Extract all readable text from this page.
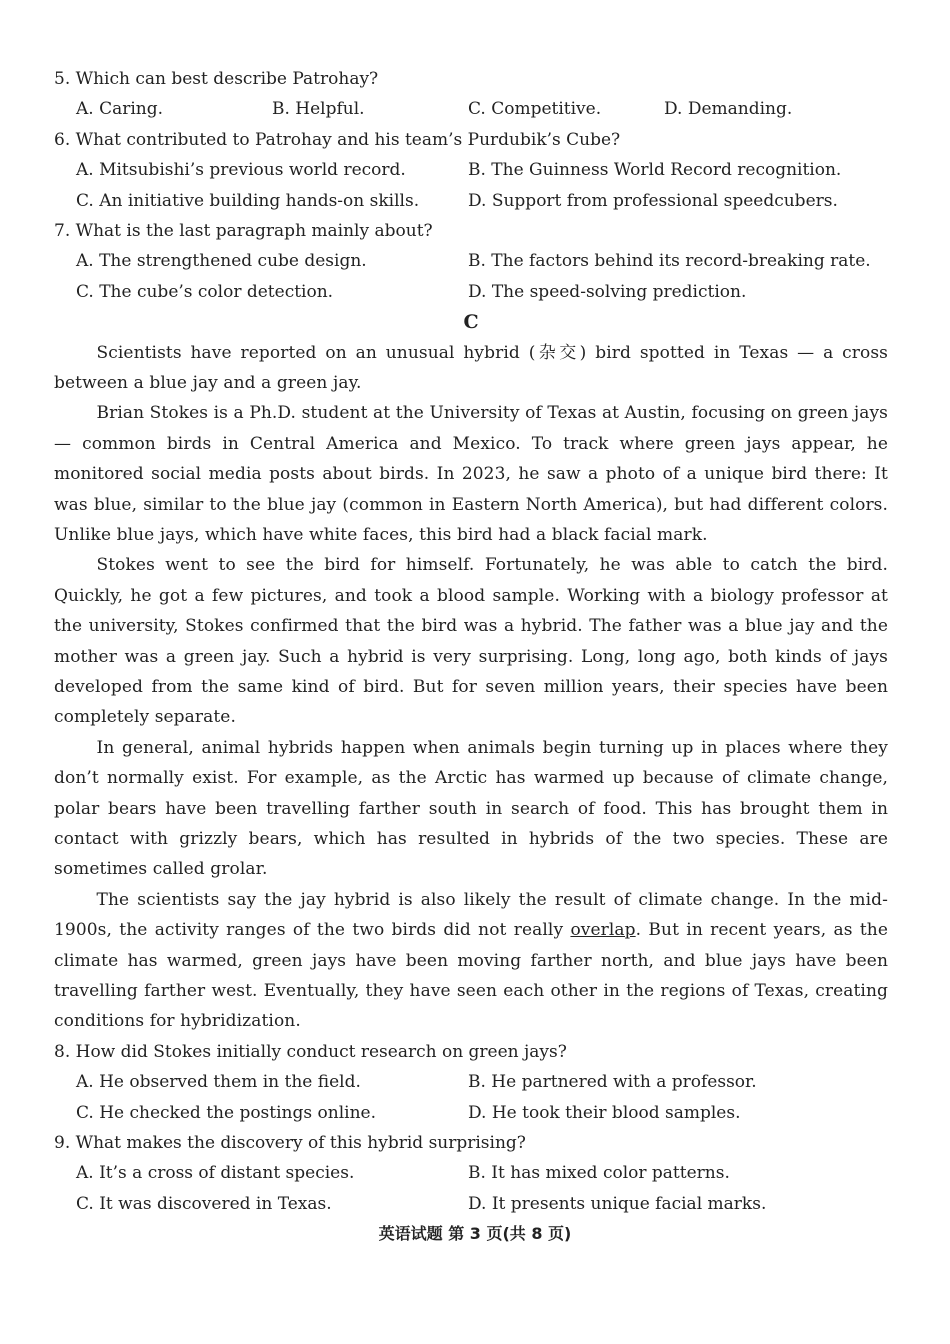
5. Which can best describe Patrohay?
A. Caring.	B. Helpful.	C. Competitive.	D. Demanding.
6. What contributed to Patrohay and his team’s Purdubik’s Cube?
A. Mitsubishi’s previous world record.	B. The Guinness World Record recognition.
C. An initiative building hands-on skills.	D. Support from professional speedcubers.
7. What is the last paragraph mainly about?
A. The strengthened cube design.	B. The factors behind its record-breaking rate.
C. The cube’s color detection.	D. The speed-solving prediction.
C

Scientists have reported on an unusual hybrid (杂交) bird spotted in Texas — a cross between a blue jay and a green jay.

Brian Stokes is a Ph.D. student at the University of Texas at Austin, focusing on green jays — common birds in Central America and Mexico. To track where green jays appear, he monitored social media posts about birds. In 2023, he saw a photo of a unique bird there: It was blue, similar to the blue jay (common in Eastern North America), but had different colors. Unlike blue jays, which have white faces, this bird had a black facial mark.

Stokes went to see the bird for himself. Fortunately, he was able to catch the bird. Quickly, he got a few pictures, and took a blood sample. Working with a biology professor at the university, Stokes confirmed that the bird was a hybrid. The father was a blue jay and the mother was a green jay. Such a hybrid is very surprising. Long, long ago, both kinds of jays developed from the same kind of bird. But for seven million years, their species have been completely separate.

In general, animal hybrids happen when animals begin turning up in places where they don’t normally exist. For example, as the Arctic has warmed up because of climate change, polar bears have been travelling farther south in search of food. This has brought them in contact with grizzly bears, which has resulted in hybrids of the two species. These are sometimes called grolar.

The scientists say the jay hybrid is also likely the result of climate change. In the mid-1900s, the activity ranges of the two birds did not really overlap. But in recent years, as the climate has warmed, green jays have been moving farther north, and blue jays have been travelling farther west. Eventually, they have seen each other in the regions of Texas, creating conditions for hybridization.

8. How did Stokes initially conduct research on green jays?
A. He observed them in the field.	B. He partnered with a professor.
C. He checked the postings online.	D. He took their blood samples.
9. What makes the discovery of this hybrid surprising?
A. It’s a cross of distant species.	B. It has mixed color patterns.
C. It was discovered in Texas.	D. It presents unique facial marks.
英语试题 第 3 页(共 8 页)
